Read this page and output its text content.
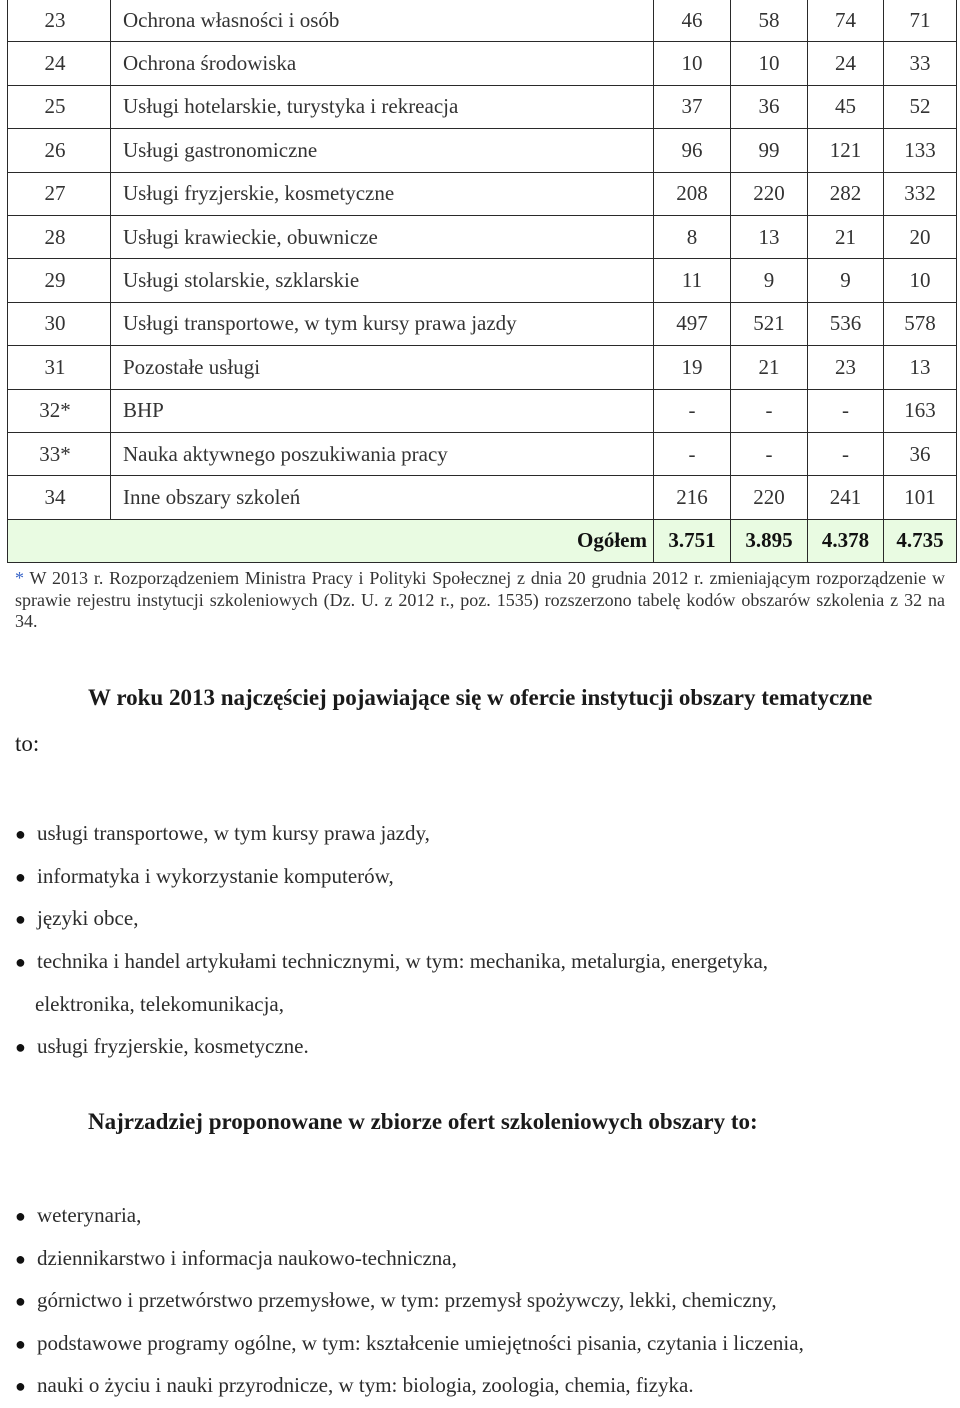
23	Ochrona własności i osób	46	58	74	71
24	Ochrona środowiska	10	10	24	33
25	Usługi hotelarskie, turystyka i rekreacja	37	36	45	52
26	Usługi gastronomiczne	96	99	121	133
27	Usługi fryzjerskie, kosmetyczne	208	220	282	332
28	Usługi krawieckie, obuwnicze	8	13	21	20
29	Usługi stolarskie, szklarskie	11	9	9	10
30	Usługi transportowe, w tym kursy prawa jazdy	497	521	536	578
31	Pozostałe usługi	19	21	23	13
32*	BHP	-	-	-	163
33*	Nauka aktywnego poszukiwania pracy	-	-	-	36
34	Inne obszary szkoleń	216	220	241	101
Ogółem		3.751	3.895	4.378	4.735

* W 2013 r. Rozporządzeniem Ministra Pracy i Polityki Społecznej z dnia 20 grudnia 2012 r. zmieniającym rozporządzenie w sprawie rejestru instytucji szkoleniowych (Dz. U. z 2012 r., poz. 1535) rozszerzono tabelę kodów obszarów szkolenia z 32 na 34.

W roku 2013 najczęściej pojawiające się w ofercie instytucji obszary tematyczne

to:

● usługi transportowe, w tym kursy prawa jazdy,
● informatyka i wykorzystanie komputerów,
● języki obce,
● technika i handel artykułami technicznymi, w tym: mechanika, metalurgia, energetyka,
elektronika, telekomunikacja,
● usługi fryzjerskie, kosmetyczne.

Najrzadziej proponowane w zbiorze ofert szkoleniowych obszary to:

● weterynaria,
● dziennikarstwo i informacja naukowo-techniczna,
● górnictwo i przetwórstwo przemysłowe, w tym: przemysł spożywczy, lekki, chemiczny,
● podstawowe programy ogólne, w tym: kształcenie umiejętności pisania, czytania i liczenia,
● nauki o życiu i nauki przyrodnicze, w tym: biologia, zoologia, chemia, fizyka.
